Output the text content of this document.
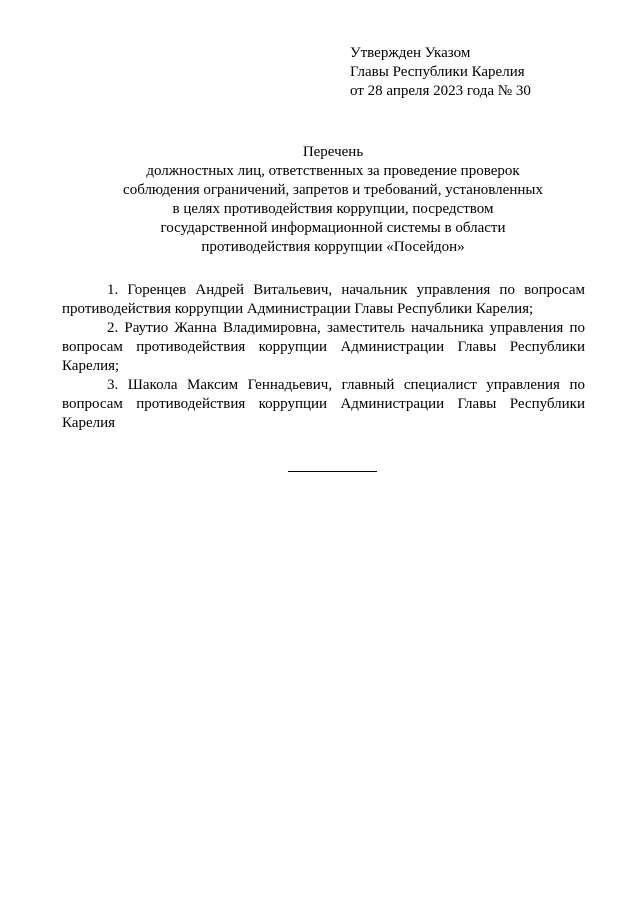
Утвержден Указом
Главы Республики Карелия
от 28 апреля 2023 года № 30
Перечень
должностных лиц, ответственных за проведение проверок
соблюдения ограничений, запретов и требований, установленных
в целях противодействия коррупции, посредством
государственной информационной системы в области
противодействия коррупции «Посейдон»

1. Горенцев Андрей Витальевич, начальник управления по вопросам противодействия коррупции Администрации Главы Республики Карелия;

2. Раутио Жанна Владимировна, заместитель начальника управления по вопросам противодействия коррупции Администрации Главы Республики Карелия;

3. Шакола Максим Геннадьевич, главный специалист управления по вопросам противодействия коррупции Администрации Главы Республики Карелия
